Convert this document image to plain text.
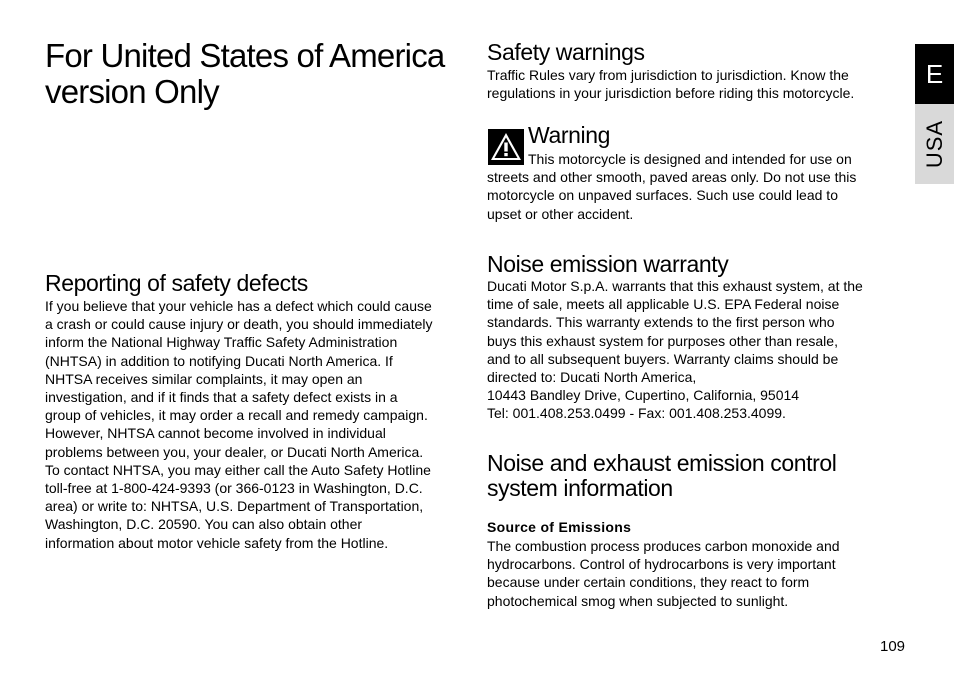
For United States of America
version Only
Reporting of safety defects

If you believe that your vehicle has a defect which could cause
a crash or could cause injury or death, you should immediately
inform the National Highway Traffic Safety Administration
(NHTSA) in addition to notifying Ducati North America. If
NHTSA receives similar complaints, it may open an
investigation, and if it finds that a safety defect exists in a
group of vehicles, it may order a recall and remedy campaign.
However, NHTSA cannot become involved in individual
problems between you, your dealer, or Ducati North America.
To contact NHTSA, you may either call the Auto Safety Hotline
toll-free at 1-800-424-9393 (or 366-0123 in Washington, D.C.
area) or write to: NHTSA, U.S. Department of Transportation,
Washington, D.C. 20590. You can also obtain other
information about motor vehicle safety from the Hotline.

Safety warnings

Traffic Rules vary from jurisdiction to jurisdiction. Know the
regulations in your jurisdiction before riding this motorcycle.

Warning

This motorcycle is designed and intended for use on
streets and other smooth, paved areas only. Do not use this
motorcycle on unpaved surfaces. Such use could lead to
upset or other accident.

Noise emission warranty

Ducati Motor S.p.A. warrants that this exhaust system, at the
time of sale, meets all applicable U.S. EPA Federal noise
standards. This warranty extends to the first person who
buys this exhaust system for purposes other than resale,
and to all subsequent buyers. Warranty claims should be
directed to: Ducati North America,
10443 Bandley Drive, Cupertino, California, 95014
Tel: 001.408.253.0499 - Fax: 001.408.253.4099.

Noise and exhaust emission control
system information
Source of Emissions

The combustion process produces carbon monoxide and
hydrocarbons. Control of hydrocarbons is very important
because under certain conditions, they react to form
photochemical smog when subjected to sunlight.

E
USA
109
